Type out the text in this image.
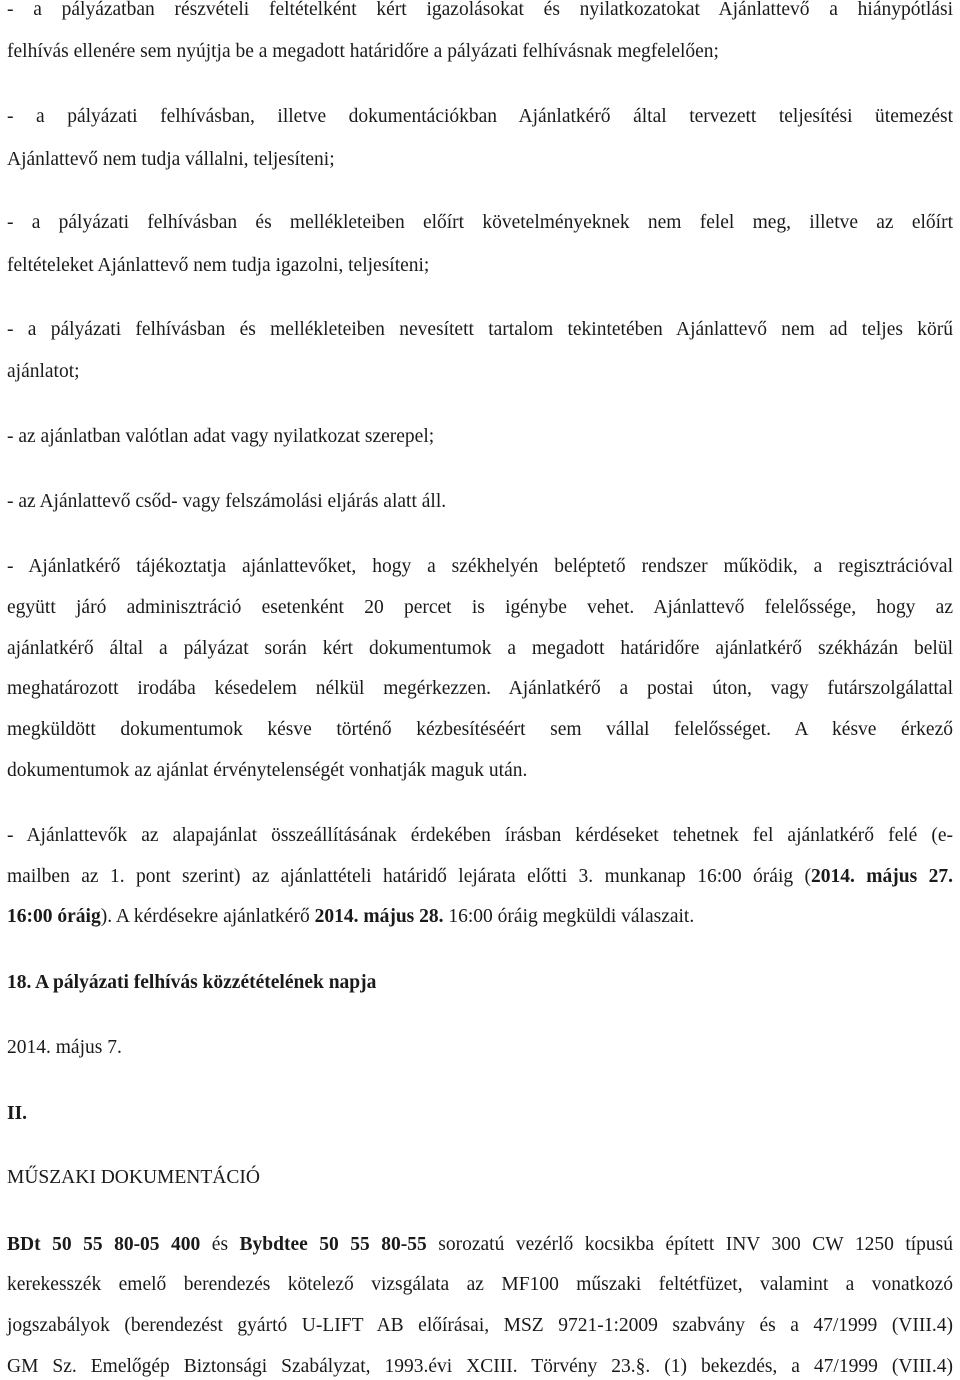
- a pályázatban részvételi feltételként kért igazolásokat és nyilatkozatokat Ajánlattevő a hiánypótlási
felhívás ellenére sem nyújtja be a megadott határidőre a pályázati felhívásnak megfelelően;
- a pályázati felhívásban, illetve dokumentációkban Ajánlatkérő által tervezett teljesítési ütemezést
Ajánlattevő nem tudja vállalni, teljesíteni;
- a pályázati felhívásban és mellékleteiben előírt követelményeknek nem felel meg, illetve az előírt
feltételeket Ajánlattevő nem tudja igazolni, teljesíteni;
- a pályázati felhívásban és mellékleteiben nevesített tartalom tekintetében Ajánlattevő nem ad teljes körű
ajánlatot;
- az ajánlatban valótlan adat vagy nyilatkozat szerepel;
- az Ajánlattevő csőd- vagy felszámolási eljárás alatt áll.
- Ajánlatkérő tájékoztatja ajánlattevőket, hogy a székhelyén beléptető rendszer működik, a regisztrációval
együtt járó adminisztráció esetenként 20 percet is igénybe vehet. Ajánlattevő felelőssége, hogy az
ajánlatkérő által a pályázat során kért dokumentumok a megadott határidőre ajánlatkérő székházán belül
meghatározott irodába késedelem nélkül megérkezzen. Ajánlatkérő a postai úton, vagy futárszolgálattal
megküldött dokumentumok késve történő kézbesítéséért sem vállal felelősséget. A késve érkező
dokumentumok az ajánlat érvénytelenségét vonhatják maguk után.
- Ajánlattevők az alapajánlat összeállításának érdekében írásban kérdéseket tehetnek fel ajánlatkérő felé (e-
mailben az 1. pont szerint) az ajánlattételi határidő lejárata előtti 3. munkanap 16:00 óráig (2014. május 27.
16:00 óráig). A kérdésekre ajánlatkérő 2014. május 28. 16:00 óráig megküldi válaszait.
18. A pályázati felhívás közzétételének napja
2014. május 7.
II.
MŰSZAKI DOKUMENTÁCIÓ
BDt 50 55 80-05 400 és Bybdtee 50 55 80-55 sorozatú vezérlő kocsikba épített INV 300 CW 1250 típusú
kerekesszék emelő berendezés kötelező vizsgálata az MF100 műszaki feltétfüzet, valamint a vonatkozó
jogszabályok (berendezést gyártó U-LIFT AB előírásai, MSZ 9721-1:2009 szabvány és a 47/1999 (VIII.4)
GM Sz. Emelőgép Biztonsági Szabályzat, 1993.évi XCIII. Törvény 23.§. (1) bekezdés, a 47/1999 (VIII.4)
